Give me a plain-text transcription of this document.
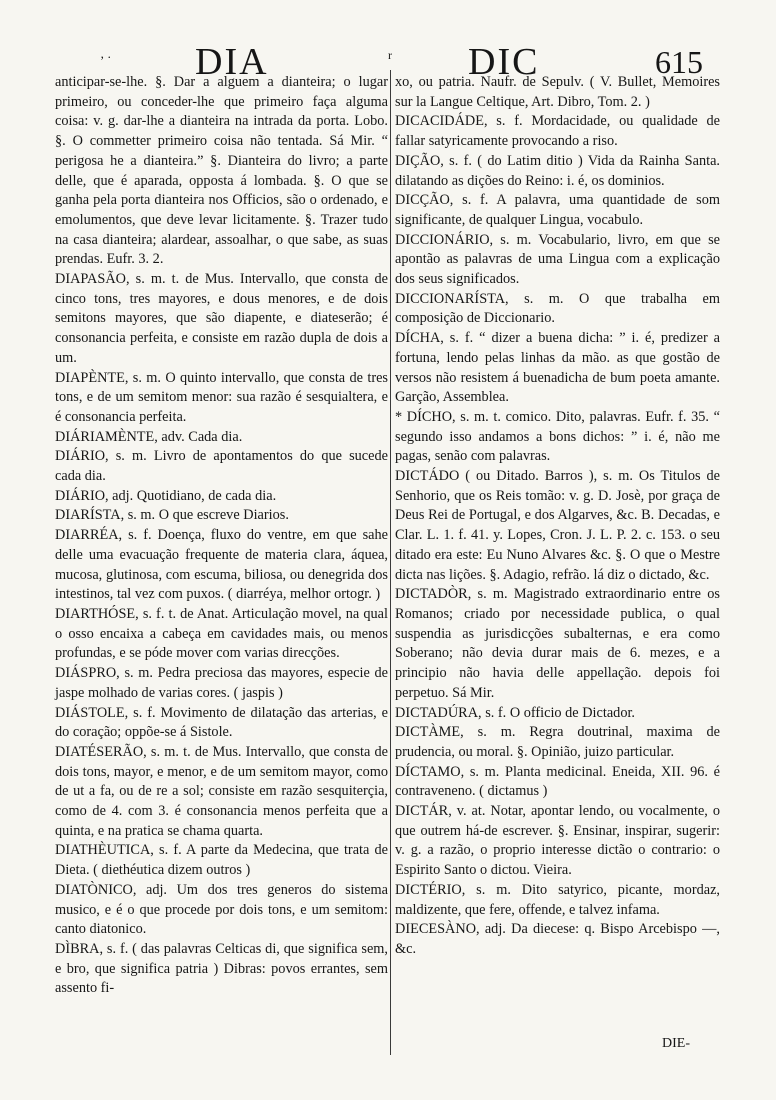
‚ . DIA	r DIC	615

anticipar-se-lhe. §. Dar a alguem a dianteira; o lugar primeiro, ou conceder-lhe que primeiro faça alguma coisa: v. g. dar-lhe a dianteira na intrada da porta. Lobo. §. O commetter primeiro coisa não tentada. Sá Mir. “ perigosa he a dianteira.” §. Dianteira do livro; a parte delle, que é aparada, opposta á lombada. §. O que se ganha pela porta dianteira nos Officios, são o ordenado, e emolumentos, que deve levar licitamente. §. Trazer tudo na casa dianteira; alardear, assoalhar, o que sabe, as suas prendas. Eufr. 3. 2.

DIAPASÃO, s. m. t. de Mus. Intervallo, que consta de cinco tons, tres mayores, e dous menores, e de dois semitons mayores, que são diapente, e diateserão; é consonancia perfeita, e consiste em razão dupla de dois a um.

DIAPÈNTE, s. m. O quinto intervallo, que consta de tres tons, e de um semitom menor: sua razão é sesquialtera, e é consonancia perfeita.

DIÁRIAMÈNTE, adv. Cada dia.

DIÁRIO, s. m. Livro de apontamentos do que sucede cada dia.

DIÁRIO, adj. Quotidiano, de cada dia.

DIARÍSTA, s. m. O que escreve Diarios.

DIARRÉA, s. f. Doença, fluxo do ventre, em que sahe delle uma evacuação frequente de materia clara, áquea, mucosa, glutinosa, com escuma, biliosa, ou denegrida dos intestinos, tal vez com puxos. ( diarréya, melhor ortogr. )

DIARTHÓSE, s. f. t. de Anat. Articulação movel, na qual o osso encaixa a cabeça em cavidades mais, ou menos profundas, e se póde mover com varias direcções.

DIÁSPRO, s. m. Pedra preciosa das mayores, especie de jaspe molhado de varias cores. ( jaspis )

DIÁSTOLE, s. f. Movimento de dilatação das arterias, e do coração; oppõe-se á Sistole.

DIATÉSERÃO, s. m. t. de Mus. Intervallo, que consta de dois tons, mayor, e menor, e de um semitom mayor, como de ut a fa, ou de re a sol; consiste em razão sesquiterçia, como de 4. com 3. é consonancia menos perfeita que a quinta, e na pratica se chama quarta.

DIATHÈUTICA, s. f. A parte da Medecina, que trata de Dieta. ( diethéutica dizem outros )

DIATÒNICO, adj. Um dos tres generos do sistema musico, e é o que procede por dois tons, e um semitom: canto diatonico.

DÌBRA, s. f. ( das palavras Celticas di, que significa sem, e bro, que significa patria ) Dibras: povos errantes, sem assento fi-

xo, ou patria. Naufr. de Sepulv. ( V. Bullet, Memoires sur la Langue Celtique, Art. Dibro, Tom. 2. )

DICACIDÁDE, s. f. Mordacidade, ou qualidade de fallar satyricamente provocando a riso.

DIÇÃO, s. f. ( do Latim ditio ) Vida da Rainha Santa. dilatando as dições do Reino: i. é, os dominios.

DICÇÃO, s. f. A palavra, uma quantidade de som significante, de qualquer Lingua, vocabulo.

DICCIONÁRIO, s. m. Vocabulario, livro, em que se apontão as palavras de uma Lingua com a explicação dos seus significados.

DICCIONARÍSTA, s. m. O que trabalha em composição de Diccionario.

DÍCHA, s. f. “ dizer a buena dicha: ” i. é, predizer a fortuna, lendo pelas linhas da mão. as que gostão de versos não resistem á buenadicha de bum poeta amante. Garção, Assemblea.

* DÍCHO, s. m. t. comico. Dito, palavras. Eufr. f. 35. “ segundo isso andamos a bons dichos: ” i. é, não me pagas, senão com palavras.

DICTÁDO ( ou Ditado. Barros ), s. m. Os Titulos de Senhorio, que os Reis tomão: v. g. D. Josè, por graça de Deus Rei de Portugal, e dos Algarves, &c. B. Decadas, e Clar. L. 1. f. 41. y. Lopes, Cron. J. L. P. 2. c. 153. o seu ditado era este: Eu Nuno Alvares &c. §. O que o Mestre dicta nas lições. §. Adagio, refrão. lá diz o dictado, &c.

DICTADÒR, s. m. Magistrado extraordinario entre os Romanos; criado por necessidade publica, o qual suspendia as jurisdicções subalternas, e era como Soberano; não devia durar mais de 6. mezes, e a principio não havia delle appellação. depois foi perpetuo. Sá Mir.

DICTADÚRA, s. f. O officio de Dictador.

DICTÀME, s. m. Regra doutrinal, maxima de prudencia, ou moral. §. Opinião, juizo particular.

DÍCTAMO, s. m. Planta medicinal. Eneida, XII. 96. é contraveneno. ( dictamus )

DICTÁR, v. at. Notar, apontar lendo, ou vocalmente, o que outrem há-de escrever. §. Ensinar, inspirar, sugerir: v. g. a razão, o proprio interesse dictão o contrario: o Espirito Santo o dictou. Vieira.

DICTÉRIO, s. m. Dito satyrico, picante, mordaz, maldizente, que fere, offende, e talvez infama.

DIECESÀNO, adj. Da diecese: q. Bispo Arcebispo —, &c.

DIE-
